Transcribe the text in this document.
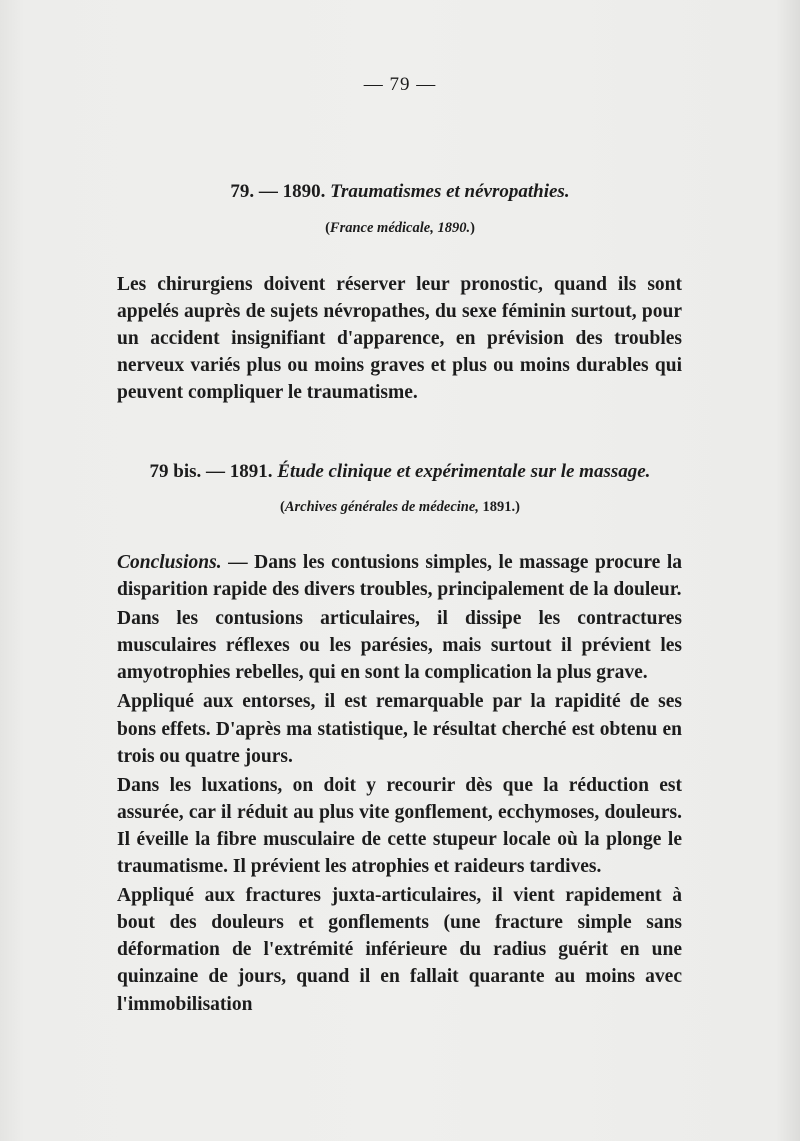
— 79 —
79. — 1890. Traumatismes et névropathies.
(France médicale, 1890.)

Les chirurgiens doivent réserver leur pronostic, quand ils sont appelés auprès de sujets névropathes, du sexe féminin surtout, pour un accident insignifiant d'apparence, en prévision des troubles nerveux variés plus ou moins graves et plus ou moins durables qui peuvent compliquer le traumatisme.

79 bis. — 1891. Étude clinique et expérimentale sur le massage.
(Archives générales de médecine, 1891.)

Conclusions. — Dans les contusions simples, le massage procure la disparition rapide des divers troubles, principalement de la douleur.

Dans les contusions articulaires, il dissipe les contractures musculaires réflexes ou les parésies, mais surtout il prévient les amyotrophies rebelles, qui en sont la complication la plus grave.

Appliqué aux entorses, il est remarquable par la rapidité de ses bons effets. D'après ma statistique, le résultat cherché est obtenu en trois ou quatre jours.

Dans les luxations, on doit y recourir dès que la réduction est assurée, car il réduit au plus vite gonflement, ecchymoses, douleurs. Il éveille la fibre musculaire de cette stupeur locale où la plonge le traumatisme. Il prévient les atrophies et raideurs tardives.

Appliqué aux fractures juxta-articulaires, il vient rapidement à bout des douleurs et gonflements (une fracture simple sans déformation de l'extrémité inférieure du radius guérit en une quinzaine de jours, quand il en fallait quarante au moins avec l'immobilisation
